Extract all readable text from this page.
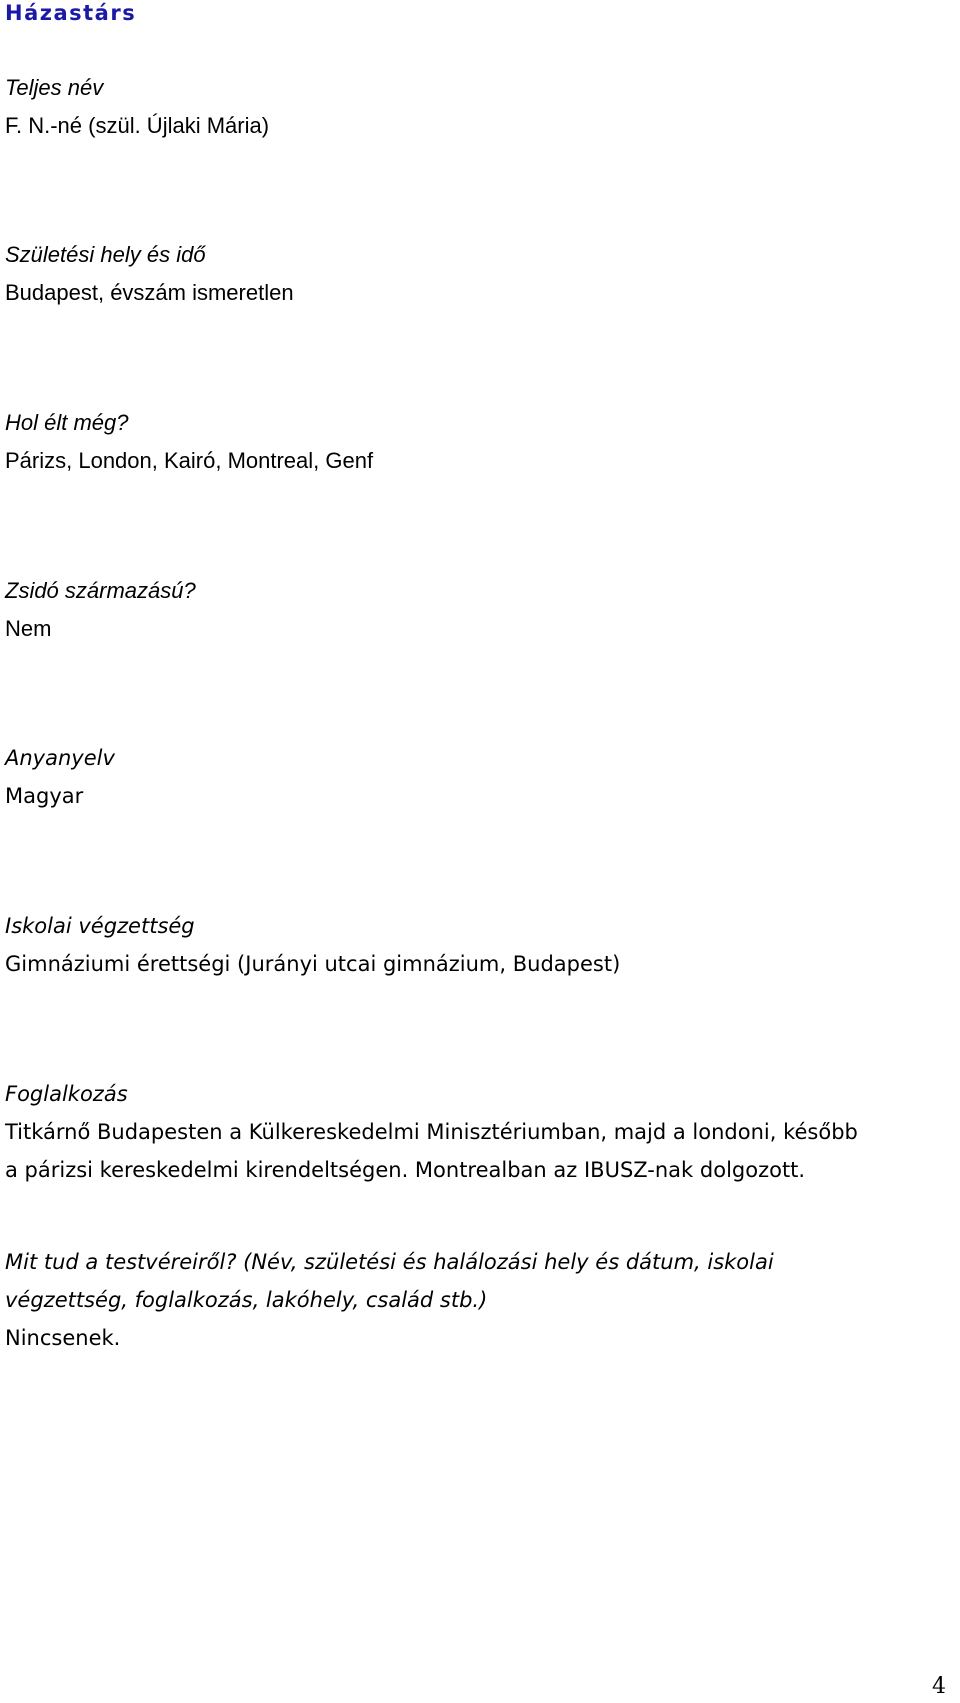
Házastárs

Teljes név

F. N.-né (szül. Újlaki Mária)

Születési hely és idő

Budapest, évszám ismeretlen

Hol élt még?

Párizs, London, Kairó, Montreal, Genf

Zsidó származású?

Nem

Anyanyelv

Magyar

Iskolai végzettség

Gimnáziumi érettségi (Jurányi utcai gimnázium, Budapest)

Foglalkozás

Titkárnő Budapesten a Külkereskedelmi Minisztériumban, majd a londoni, később

a párizsi kereskedelmi kirendeltségen. Montrealban az IBUSZ-nak dolgozott.

Mit tud a testvéreiről? (Név, születési és halálozási hely és dátum, iskolai

végzettség, foglalkozás, lakóhely, család stb.)

Nincsenek.

4
